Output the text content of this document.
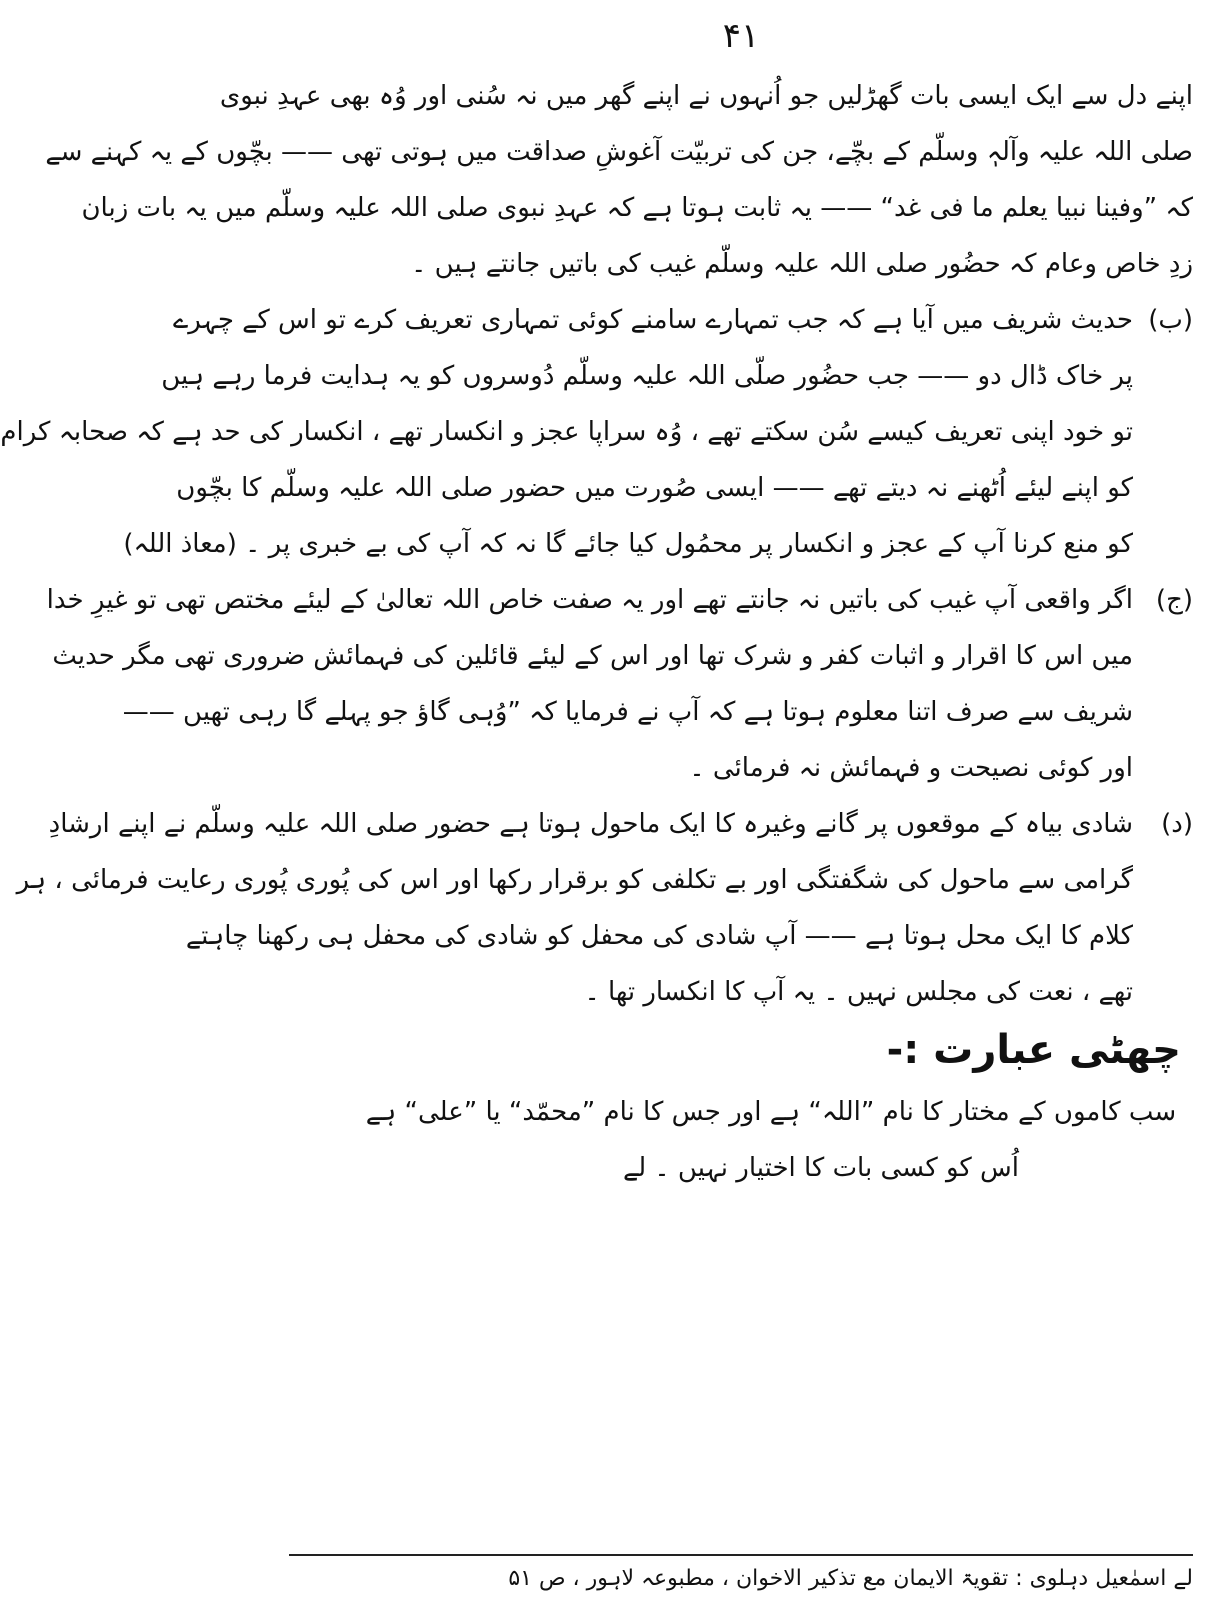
۴۱
اپنے دل سے ایک ایسی بات گھڑلیں جو اُنہوں نے اپنے گھر میں نہ سُنی اور وُہ بھی عہدِ نبوی
صلی اللہ علیہ وآلہٖ وسلّم کے بچّے، جن کی تربیّت آغوشِ صداقت میں ہوتی تھی —— بچّوں کے یہ کہنے سے
کہ ”وفینا نبیا یعلم ما فی غد“ —— یہ ثابت ہوتا ہے کہ عہدِ نبوی صلی اللہ علیہ وسلّم میں یہ بات زبان
زدِ خاص وعام کہ حضُور صلی اللہ علیہ وسلّم غیب کی باتیں جانتے ہیں ۔
(ب)
حدیث شریف میں آیا ہے کہ جب تمہارے سامنے کوئی تمہاری تعریف کرے تو اس کے چہرے
پر خاک ڈال دو —— جب حضُور صلّی اللہ علیہ وسلّم دُوسروں کو یہ ہدایت فرما رہے ہیں
تو خود اپنی تعریف کیسے سُن سکتے تھے ، وُہ سراپا عجز و انکسار تھے ، انکسار کی حد ہے کہ صحابہ کرام
کو اپنے لیئے اُٹھنے نہ دیتے تھے —— ایسی صُورت میں حضور صلی اللہ علیہ وسلّم کا بچّوں
کو منع کرنا آپ کے عجز و انکسار پر محمُول کیا جائے گا نہ کہ آپ کی بے خبری پر ۔ (معاذ اللہ)
(ج)
اگر واقعی آپ غیب کی باتیں نہ جانتے تھے اور یہ صفت خاص اللہ تعالیٰ کے لیئے مختص تھی تو غیرِ خدا
میں اس کا اقرار و اثبات کفر و شرک تھا اور اس کے لیئے قائلین کی فہمائش ضروری تھی مگر حدیث
شریف سے صرف اتنا معلوم ہوتا ہے کہ آپ نے فرمایا کہ ”وُہی گاؤ جو پہلے گا رہی تھیں ——
اور کوئی نصیحت و فہمائش نہ فرمائی ۔
(د)
شادی بیاہ کے موقعوں پر گانے وغیرہ کا ایک ماحول ہوتا ہے حضور صلی اللہ علیہ وسلّم نے اپنے ارشادِ
گرامی سے ماحول کی شگفتگی اور بے تکلفی کو برقرار رکھا اور اس کی پُوری پُوری رعایت فرمائی ، ہر
کلام کا ایک محل ہوتا ہے —— آپ شادی کی محفل کو شادی کی محفل ہی رکھنا چاہتے
تھے ، نعت کی مجلس نہیں ۔ یہ آپ کا انکسار تھا ۔
چھٹی عبارت :-
سب کاموں کے مختار کا نام ”اللہ“ ہے اور جس کا نام ”محمّد“ یا ”علی“ ہے
اُس کو کسی بات کا اختیار نہیں ۔ لے
لے اسمٰعیل دہلوی : تقویۃ الایمان مع تذکیر الاخوان ، مطبوعہ لاہور ، ص ۵۱
